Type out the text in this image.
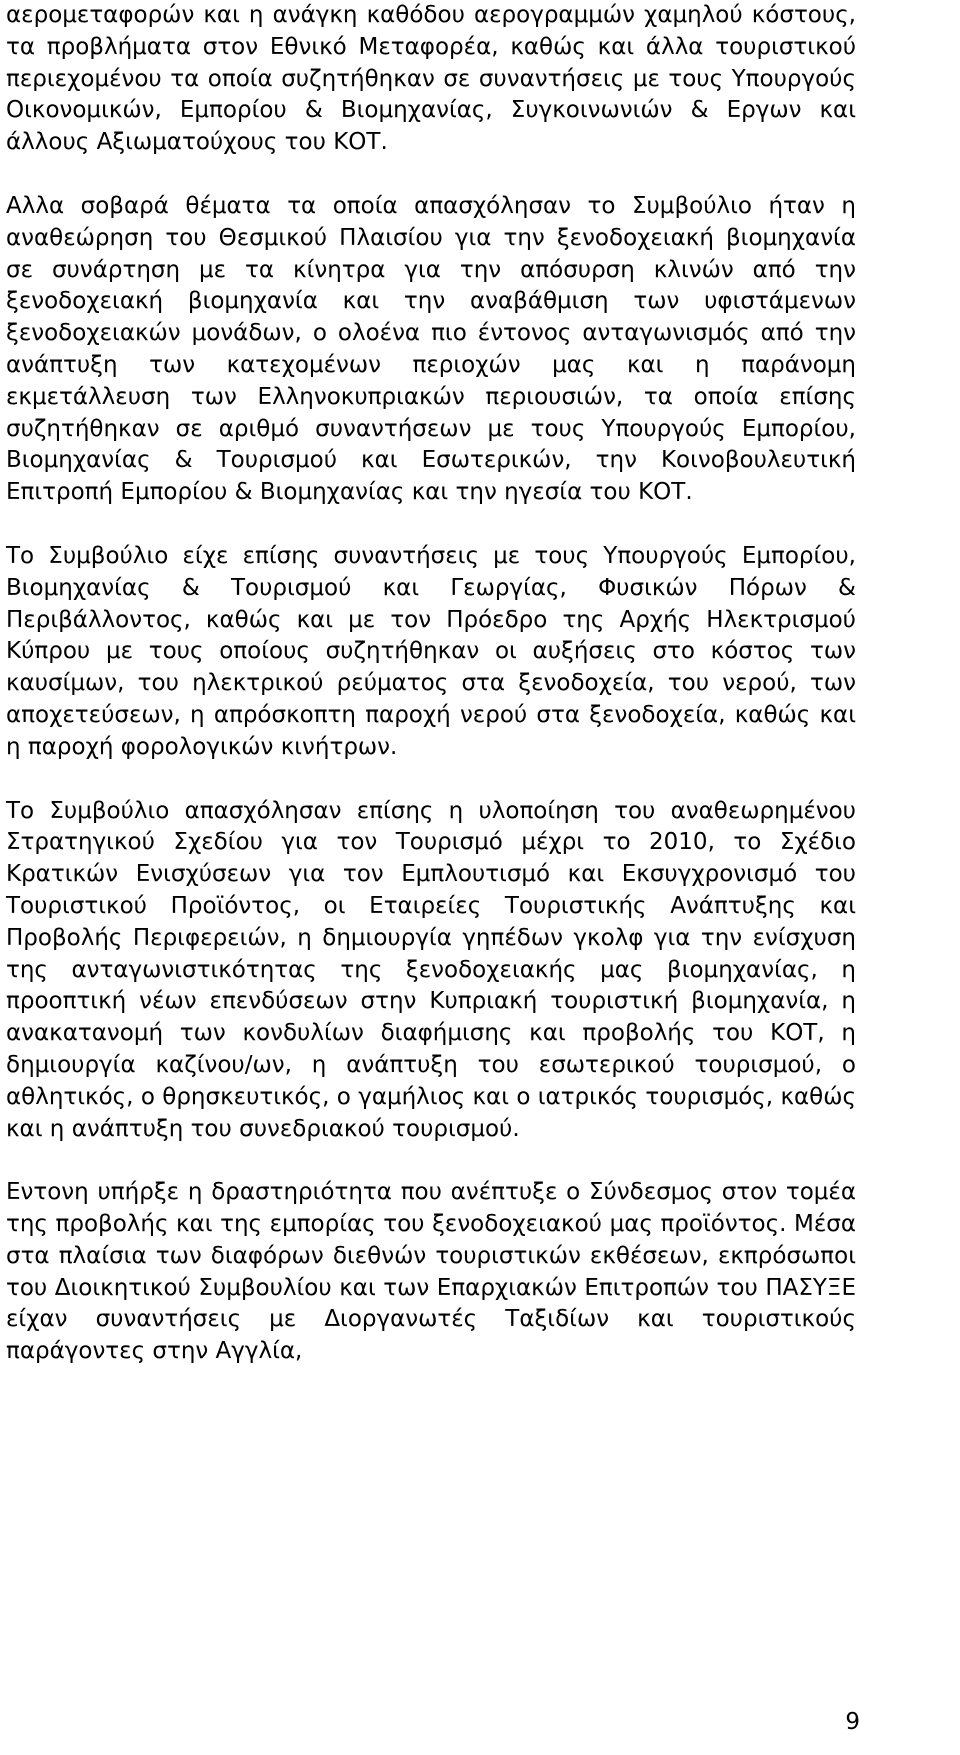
αερομεταφορών και η ανάγκη καθόδου αερογραμμών χαμηλού κόστους, τα προβλήματα στον Εθνικό Μεταφορέα, καθώς και άλλα τουριστικού περιεχομένου τα οποία συζητήθηκαν σε συναντήσεις με τους Υπουργούς Οικονομικών, Εμπορίου & Βιομηχανίας, Συγκοινωνιών & Εργων και άλλους Αξιωματούχους του ΚΟΤ.

Αλλα σοβαρά θέματα τα οποία απασχόλησαν το Συμβούλιο ήταν η αναθεώρηση του Θεσμικού Πλαισίου για την ξενοδοχειακή βιομηχανία σε συνάρτηση με τα κίνητρα για την απόσυρση κλινών από την ξενοδοχειακή βιομηχανία και την αναβάθμιση των υφιστάμενων ξενοδοχειακών μονάδων, ο ολοένα πιο έντονος ανταγωνισμός από την ανάπτυξη των κατεχομένων περιοχών μας και η παράνομη εκμετάλλευση των Ελληνοκυπριακών περιουσιών, τα οποία επίσης συζητήθηκαν σε αριθμό συναντήσεων με τους Υπουργούς Εμπορίου, Βιομηχανίας & Τουρισμού και Εσωτερικών, την Κοινοβουλευτική Επιτροπή Εμπορίου & Βιομηχανίας και την ηγεσία του ΚΟΤ.

Το Συμβούλιο είχε επίσης συναντήσεις με τους Υπουργούς Εμπορίου, Βιομηχανίας & Τουρισμού και Γεωργίας, Φυσικών Πόρων & Περιβάλλοντος, καθώς και με τον Πρόεδρο της Αρχής Ηλεκτρισμού Κύπρου με τους οποίους συζητήθηκαν οι αυξήσεις στο κόστος των καυσίμων, του ηλεκτρικού ρεύματος στα ξενοδοχεία, του νερού, των αποχετεύσεων, η απρόσκοπτη παροχή νερού στα ξενοδοχεία, καθώς και η παροχή φορολογικών κινήτρων.

Το Συμβούλιο απασχόλησαν επίσης η υλοποίηση του αναθεωρημένου Στρατηγικού Σχεδίου για τον Τουρισμό μέχρι το 2010, το Σχέδιο Κρατικών Ενισχύσεων για τον Εμπλουτισμό και Εκσυγχρονισμό του Τουριστικού Προϊόντος, οι Εταιρείες Τουριστικής Ανάπτυξης και Προβολής Περιφερειών, η δημιουργία γηπέδων γκολφ για την ενίσχυση της ανταγωνιστικότητας της ξενοδοχειακής μας βιομηχανίας, η προοπτική νέων επενδύσεων στην Κυπριακή τουριστική βιομηχανία, η ανακατανομή των κονδυλίων διαφήμισης και προβολής του ΚΟΤ, η δημιουργία καζίνου/ων, η ανάπτυξη του εσωτερικού τουρισμού, ο αθλητικός, ο θρησκευτικός, ο γαμήλιος και ο ιατρικός τουρισμός, καθώς και η ανάπτυξη του συνεδριακού τουρισμού.

Εντονη υπήρξε η δραστηριότητα που ανέπτυξε ο Σύνδεσμος στον τομέα της προβολής και της εμπορίας του ξενοδοχειακού μας προϊόντος. Μέσα στα πλαίσια των διαφόρων διεθνών τουριστικών εκθέσεων, εκπρόσωποι του Διοικητικού Συμβουλίου και των Επαρχιακών Επιτροπών του ΠΑΣΥΞΕ είχαν συναντήσεις με Διοργανωτές Ταξιδίων και τουριστικούς παράγοντες στην Αγγλία,

9
